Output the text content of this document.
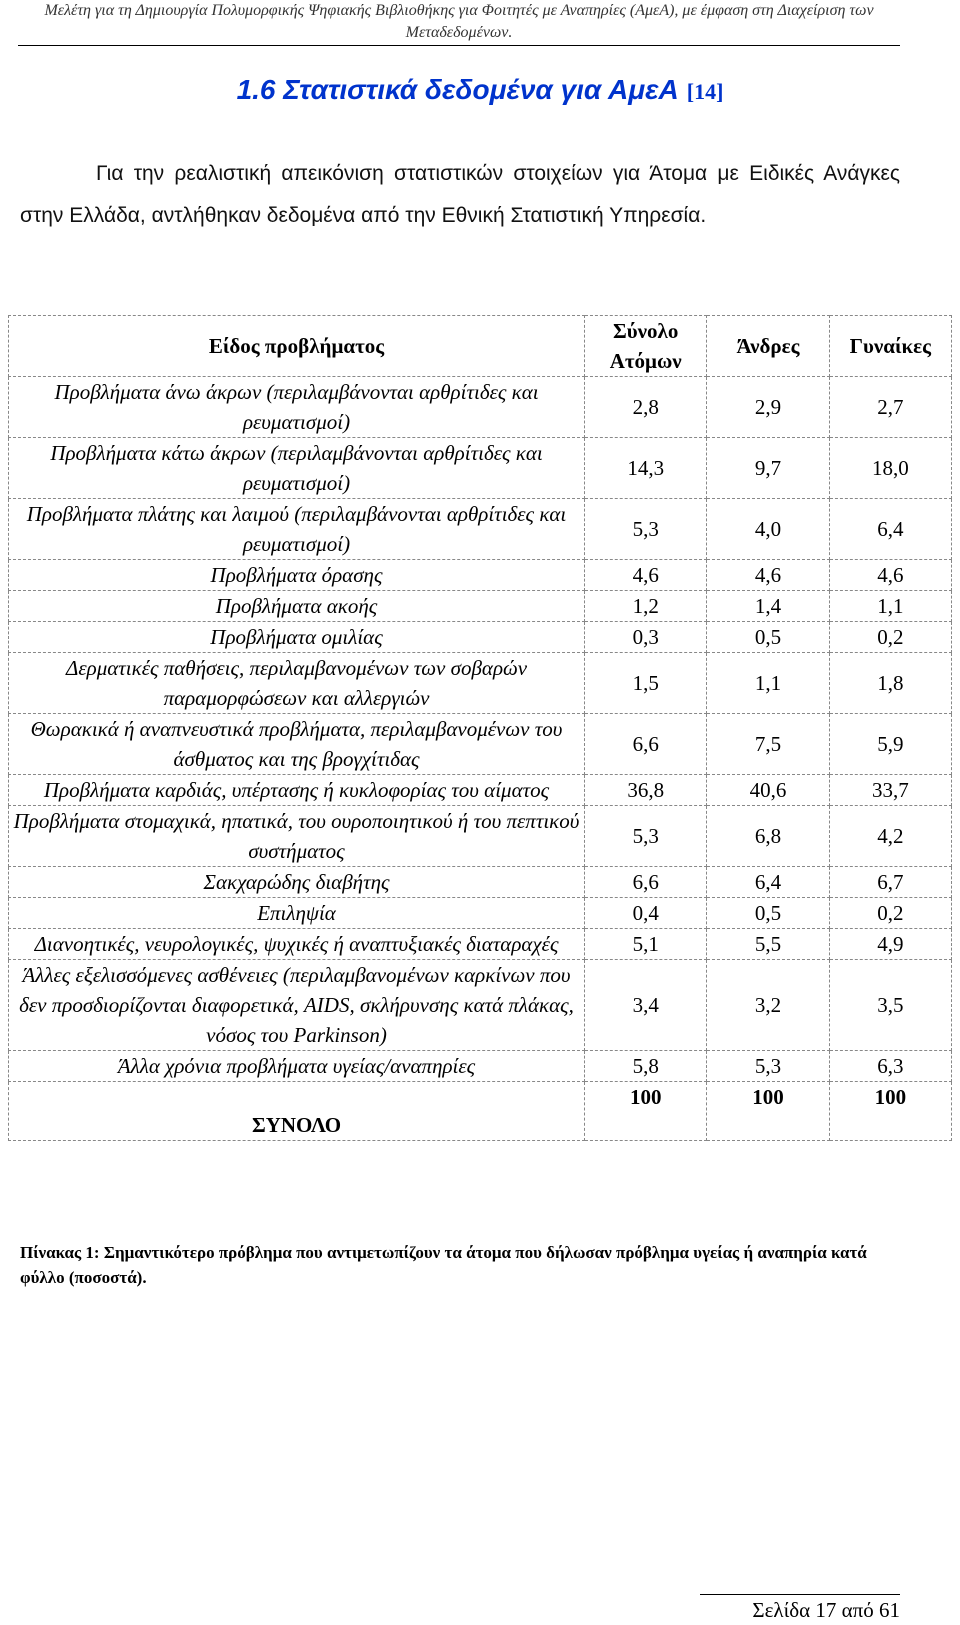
Μελέτη για τη Δημιουργία Πολυμορφικής Ψηφιακής Βιβλιοθήκης για Φοιτητές με Αναπηρίες (ΑμεΑ), με έμφαση στη Διαχείριση των Μεταδεδομένων.
1.6 Στατιστικά δεδομένα για ΑμεΑ [14]

Για την ρεαλιστική απεικόνιση στατιστικών στοιχείων για Άτομα με Ειδικές Ανάγκες στην Ελλάδα, αντλήθηκαν δεδομένα από την Εθνική Στατιστική Υπηρεσία.

Είδος προβλήματος	Σύνολο Ατόμων	Άνδρες	Γυναίκες
Προβλήματα άνω άκρων (περιλαμβάνονται αρθρίτιδες και ρευματισμοί)	2,8	2,9	2,7
Προβλήματα κάτω άκρων (περιλαμβάνονται αρθρίτιδες και ρευματισμοί)	14,3	9,7	18,0
Προβλήματα πλάτης και λαιμού (περιλαμβάνονται αρθρίτιδες και ρευματισμοί)	5,3	4,0	6,4
Προβλήματα όρασης	4,6	4,6	4,6
Προβλήματα ακοής	1,2	1,4	1,1
Προβλήματα ομιλίας	0,3	0,5	0,2
Δερματικές παθήσεις, περιλαμβανομένων των σοβαρών παραμορφώσεων και αλλεργιών	1,5	1,1	1,8
Θωρακικά ή αναπνευστικά προβλήματα, περιλαμβανομένων του άσθματος και της βρογχίτιδας	6,6	7,5	5,9
Προβλήματα καρδιάς, υπέρτασης ή κυκλοφορίας του αίματος	36,8	40,6	33,7
Προβλήματα στομαχικά, ηπατικά, του ουροποιητικού ή του πεπτικού συστήματος	5,3	6,8	4,2
Σακχαρώδης διαβήτης	6,6	6,4	6,7
Επιληψία	0,4	0,5	0,2
Διανοητικές, νευρολογικές, ψυχικές ή αναπτυξιακές διαταραχές	5,1	5,5	4,9
Άλλες εξελισσόμενες ασθένειες (περιλαμβανομένων καρκίνων που δεν προσδιορίζονται διαφορετικά, AIDS, σκλήρυνσης κατά πλάκας, νόσος του Parkinson)	3,4	3,2	3,5
Άλλα χρόνια προβλήματα υγείας/αναπηρίες	5,8	5,3	6,3
ΣΥΝΟΛΟ	100	100	100
Πίνακας 1: Σημαντικότερο πρόβλημα που αντιμετωπίζουν τα άτομα που δήλωσαν πρόβλημα υγείας ή αναπηρία κατά φύλλο (ποσοστά).
Σελίδα 17 από 61
